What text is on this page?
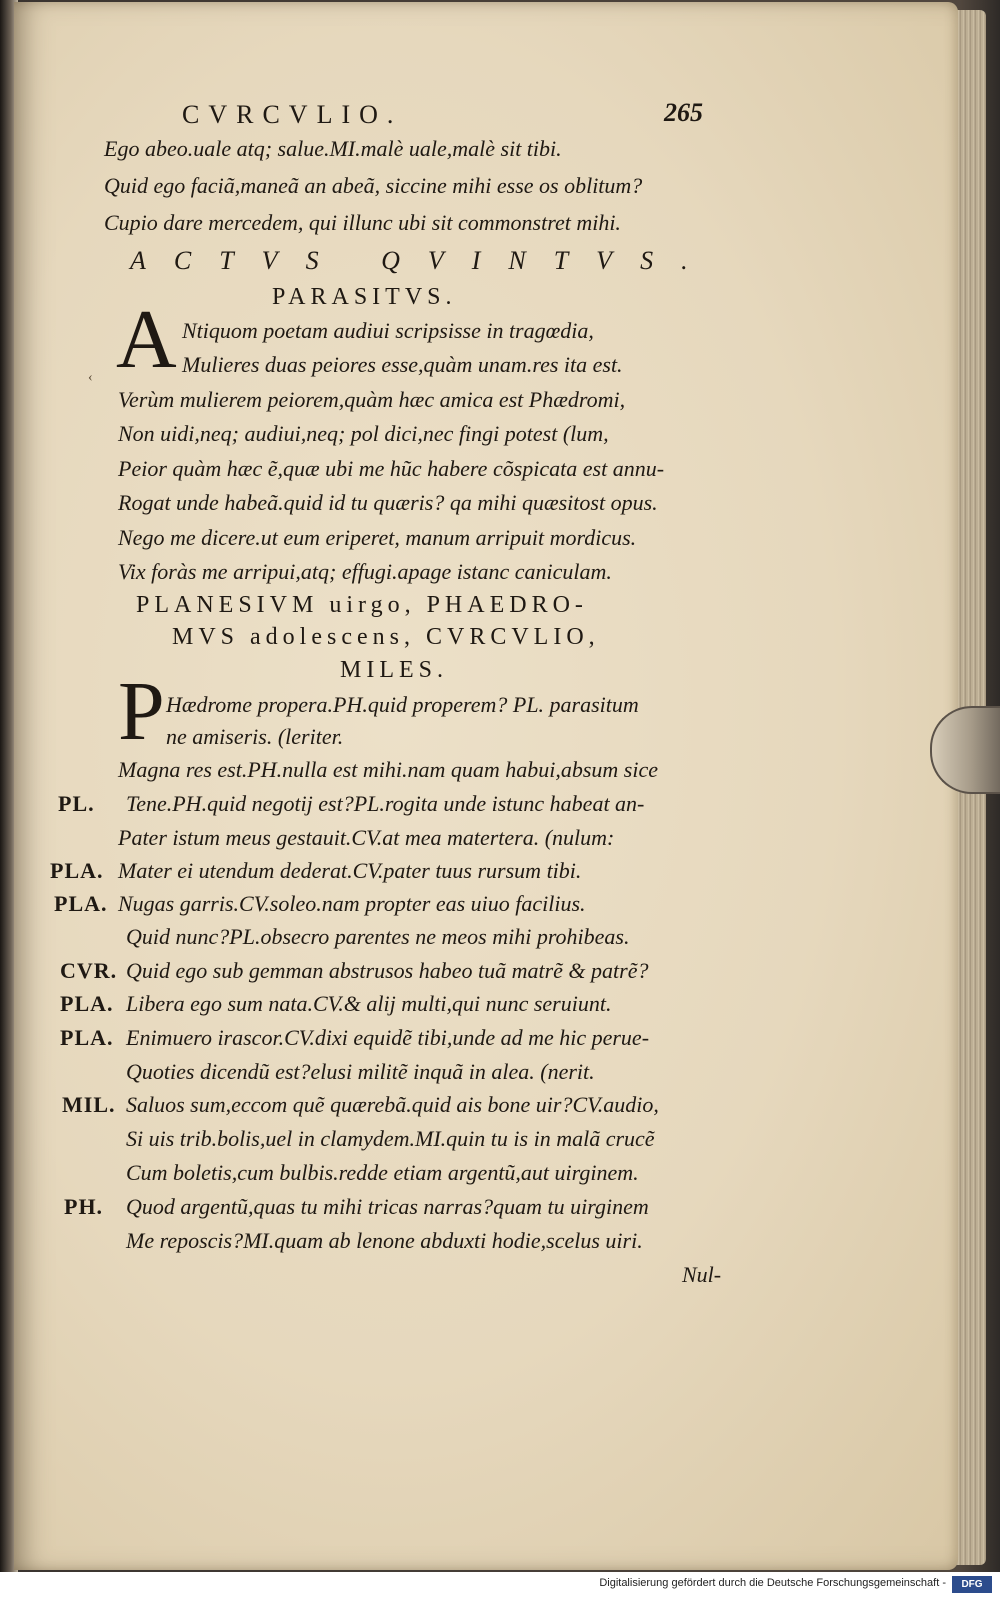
CVRCVLIO.	265
Ego abeo.uale atq; salue.MI.malè uale,malè sit tibi.
Quid ego faciã,maneã an abeã, siccine mihi esse os oblitum?
Cupio dare mercedem, qui illunc ubi sit commonstret mihi.
ACTVS QVINTVS.
PARASITVS.
A Ntiquom poetam audiui scripsisse in tragœdia,
Mulieres duas peiores esse,quàm unam.res ita est.
Verùm mulierem peiorem,quàm hæc amica est Phædromi,
Non uidi,neq; audiui,neq; pol dici,nec fingi potest (lum,
Peior quàm hæc ẽ,quæ ubi me hũc habere cõspicata est annu-
Rogat unde habeã.quid id tu quæris? qa mihi quæsitost opus.
Nego me dicere.ut eum eriperet, manum arripuit mordicus.
Vix foràs me arripui,atq; effugi.apage istanc caniculam.
PLANESIVM uirgo, PHAEDRO-
MVS adolescens, CVRCVLIO,
MILES.
P Hædrome propera.PH.quid properem? PL. parasitum
ne amiseris. (leriter.
Magna res est.PH.nulla est mihi.nam quam habui,absum sice
PL. Tene.PH.quid negotij est?PL.rogita unde istunc habeat an-
Pater istum meus gestauit.CV.at mea matertera. (nulum:
PLA. Mater ei utendum dederat.CV.pater tuus rursum tibi.
PLA. Nugas garris.CV.soleo.nam propter eas uiuo facilius.
Quid nunc?PL.obsecro parentes ne meos mihi prohibeas.
CVR. Quid ego sub gemman abstrusos habeo tuã matrẽ & patrẽ?
PLA. Libera ego sum nata.CV.& alij multi,qui nunc seruiunt.
PLA. Enimuero irascor.CV.dixi equidẽ tibi,unde ad me hic perue-
Quoties dicendũ est?elusi militẽ inquã in alea. (nerit.
MIL. Saluos sum,eccom quẽ quærebã.quid ais bone uir?CV.audio,
Si uis trib.bolis,uel in clamydem.MI.quin tu is in malã crucẽ
Cum boletis,cum bulbis.redde etiam argentũ,aut uirginem.
PH. Quod argentũ,quas tu mihi tricas narras?quam tu uirginem
Me reposcis?MI.quam ab lenone abduxti hodie,scelus uiri.
Nul-
‹
Digitalisierung gefördert durch die Deutsche Forschungsgemeinschaft -	DFG
